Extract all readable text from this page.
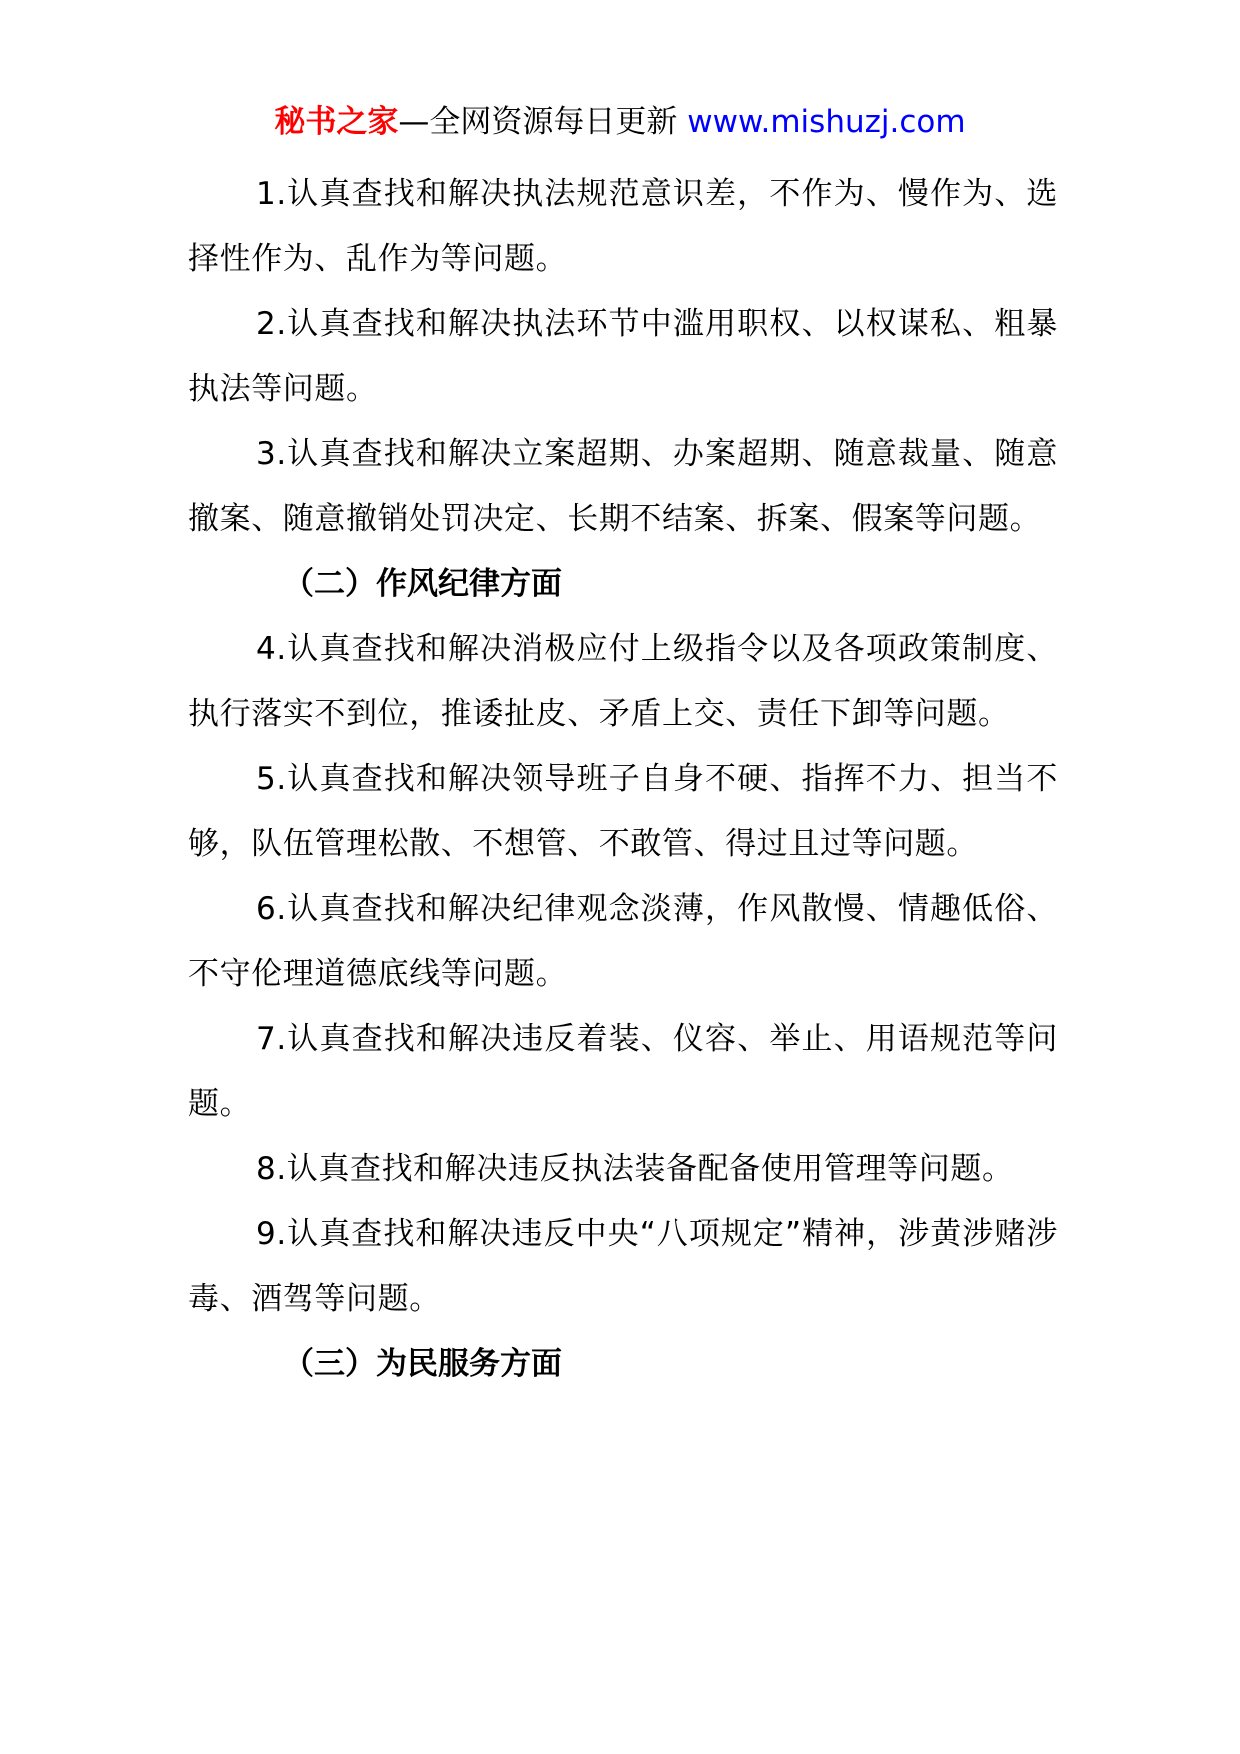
秘书之家—全网资源每日更新 www.mishuzj.com

1.认真查找和解决执法规范意识差，不作为、慢作为、选择性作为、乱作为等问题。

2.认真查找和解决执法环节中滥用职权、以权谋私、粗暴执法等问题。

3.认真查找和解决立案超期、办案超期、随意裁量、随意撤案、随意撤销处罚决定、长期不结案、拆案、假案等问题。

（二）作风纪律方面

4.认真查找和解决消极应付上级指令以及各项政策制度、执行落实不到位，推诿扯皮、矛盾上交、责任下卸等问题。

5.认真查找和解决领导班子自身不硬、指挥不力、担当不够，队伍管理松散、不想管、不敢管、得过且过等问题。

6.认真查找和解决纪律观念淡薄，作风散慢、情趣低俗、不守伦理道德底线等问题。

7.认真查找和解决违反着装、仪容、举止、用语规范等问题。

8.认真查找和解决违反执法装备配备使用管理等问题。

9.认真查找和解决违反中央“八项规定”精神，涉黄涉赌涉毒、酒驾等问题。

（三）为民服务方面
